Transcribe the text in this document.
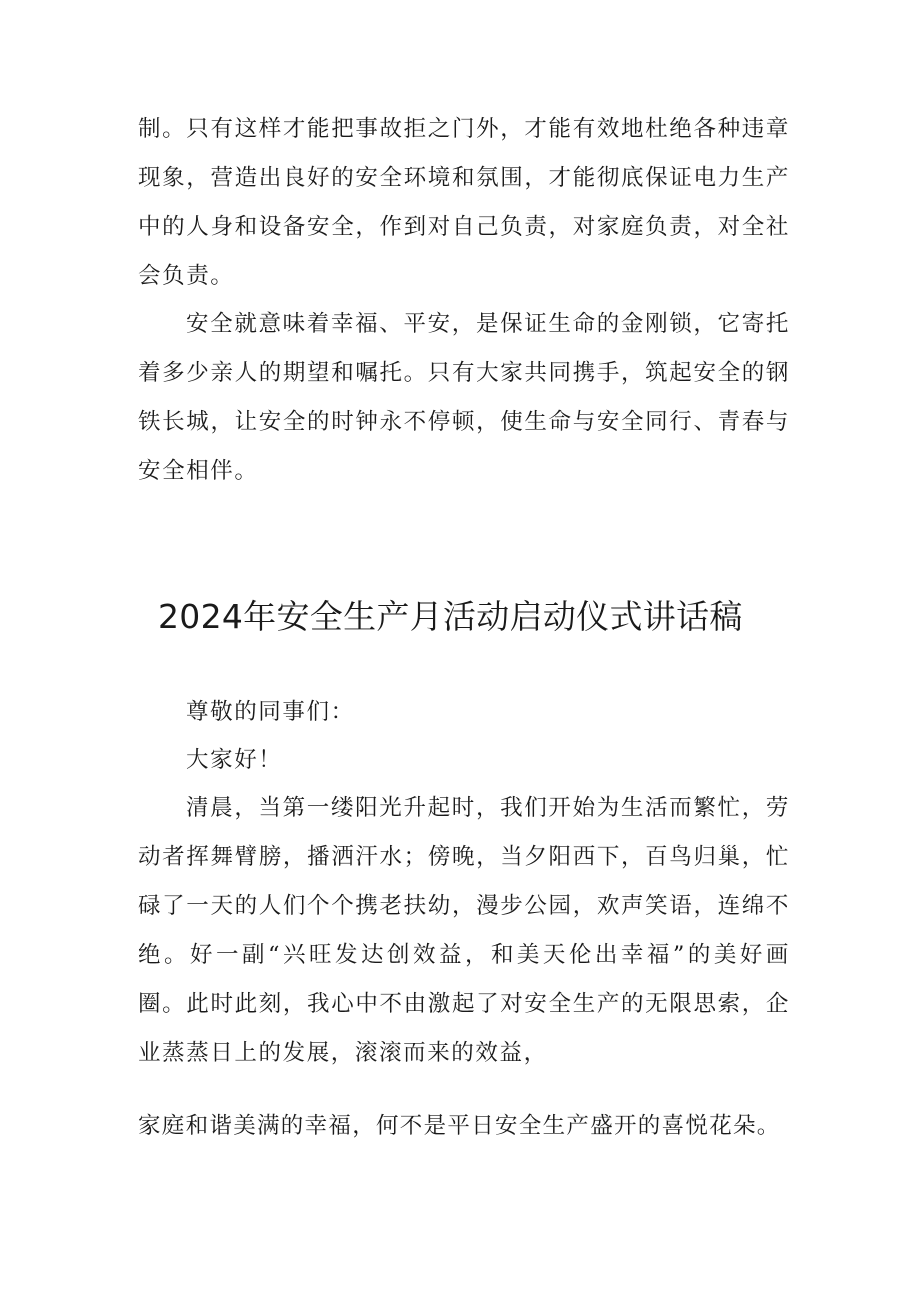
制。只有这样才能把事故拒之门外，才能有效地杜绝各种违章现象，营造出良好的安全环境和氛围，才能彻底保证电力生产中的人身和设备安全，作到对自己负责，对家庭负责，对全社会负责。

安全就意味着幸福、平安，是保证生命的金刚锁，它寄托着多少亲人的期望和嘱托。只有大家共同携手，筑起安全的钢铁长城，让安全的时钟永不停顿，使生命与安全同行、青春与安全相伴。

2024年安全生产月活动启动仪式讲话稿

尊敬的同事们：

大家好！

清晨，当第一缕阳光升起时，我们开始为生活而繁忙，劳动者挥舞臂膀，播洒汗水；傍晚，当夕阳西下，百鸟归巢，忙碌了一天的人们个个携老扶幼，漫步公园，欢声笑语，连绵不绝。好一副“兴旺发达创效益，和美天伦出幸福”的美好画圈。此时此刻，我心中不由激起了对安全生产的无限思索，企业蒸蒸日上的发展，滚滚而来的效益，

家庭和谐美满的幸福，何不是平日安全生产盛开的喜悦花朵。
